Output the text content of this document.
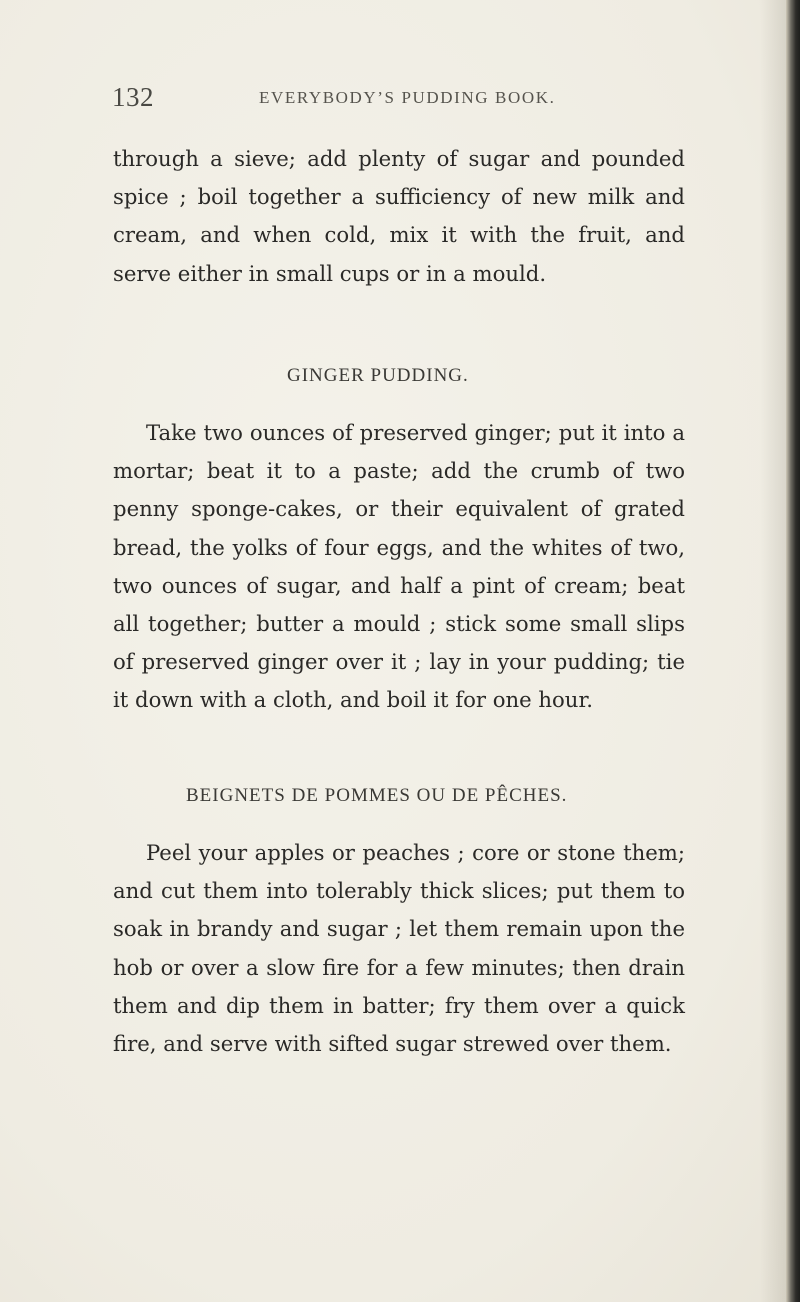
132	EVERYBODY’S PUDDING BOOK.

through a sieve; add plenty of sugar and pounded spice ; boil together a sufficiency of new milk and cream, and when cold, mix it with the fruit, and serve either in small cups or in a mould.

GINGER PUDDING.

Take two ounces of preserved ginger; put it into a mortar; beat it to a paste; add the crumb of two penny sponge-cakes, or their equivalent of grated bread, the yolks of four eggs, and the whites of two, two ounces of sugar, and half a pint of cream; beat all together; butter a mould ; stick some small slips of preserved ginger over it ; lay in your pudding; tie it down with a cloth, and boil it for one hour.

BEIGNETS DE POMMES OU DE PÊCHES.

Peel your apples or peaches ; core or stone them; and cut them into tolerably thick slices; put them to soak in brandy and sugar ; let them remain upon the hob or over a slow fire for a few minutes; then drain them and dip them in batter; fry them over a quick fire, and serve with sifted sugar strewed over them.
